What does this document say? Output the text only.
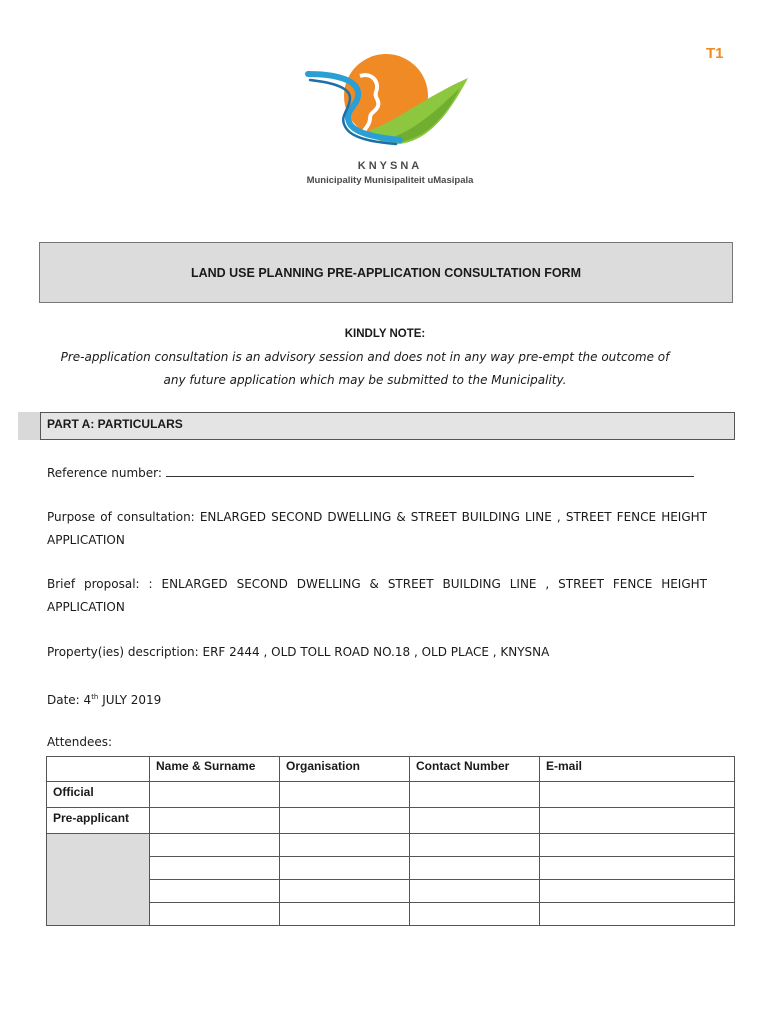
T1
KNYSNA
Municipality Munisipaliteit uMasipala
LAND USE PLANNING PRE-APPLICATION CONSULTATION FORM
KINDLY NOTE:
Pre-application consultation is an advisory session and does not in any way pre-empt the outcome of
any future application which may be submitted to the Municipality.
PART A: PARTICULARS
Reference number:
Purpose of consultation: ENLARGED SECOND DWELLING & STREET BUILDING LINE , STREET FENCE HEIGHT APPLICATION
Brief proposal: : ENLARGED SECOND DWELLING & STREET BUILDING LINE , STREET FENCE HEIGHT APPLICATION
Property(ies) description: ERF 2444 , OLD TOLL ROAD NO.18 , OLD PLACE , KNYSNA
Date: 4th JULY 2019
Attendees:
	Name & Surname	Organisation	Contact Number	E-mail
Official				
Pre-applicant				
